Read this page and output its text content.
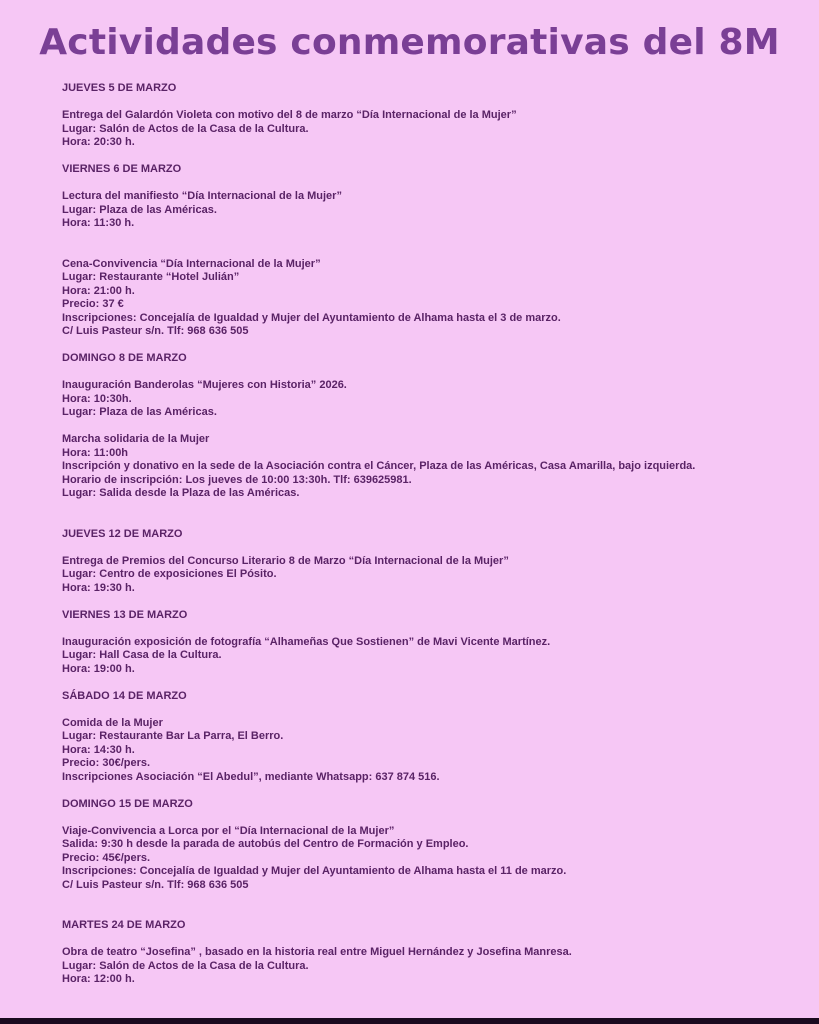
Actividades conmemorativas del 8M
JUEVES 5 DE MARZO
Entrega del Galardón Violeta con motivo del 8 de marzo “Día Internacional de la Mujer”
Lugar: Salón de Actos de la Casa de la Cultura.
Hora: 20:30 h.
VIERNES 6 DE MARZO
Lectura del manifiesto “Día Internacional de la Mujer”
Lugar: Plaza de las Américas.
Hora: 11:30 h.
Cena-Convivencia “Día Internacional de la Mujer”
Lugar: Restaurante “Hotel Julián”
Hora: 21:00 h.
Precio: 37 €
Inscripciones: Concejalía de Igualdad y Mujer del Ayuntamiento de Alhama hasta el 3 de marzo.
C/ Luis Pasteur s/n. Tlf: 968 636 505
DOMINGO 8 DE MARZO
Inauguración Banderolas “Mujeres con Historia” 2026.
Hora: 10:30h.
Lugar: Plaza de las Américas.
Marcha solidaria de la Mujer
Hora: 11:00h
Inscripción y donativo en la sede de la Asociación contra el Cáncer, Plaza de las Américas, Casa Amarilla, bajo izquierda.
Horario de inscripción: Los jueves de 10:00 13:30h. Tlf: 639625981.
Lugar: Salida desde la Plaza de las Américas.
JUEVES 12 DE MARZO
Entrega de Premios del Concurso Literario 8 de Marzo “Día Internacional de la Mujer”
Lugar: Centro de exposiciones El Pósito.
Hora: 19:30 h.
VIERNES 13 DE MARZO
Inauguración exposición de fotografía “Alhameñas Que Sostienen” de Mavi Vicente Martínez.
Lugar: Hall Casa de la Cultura.
Hora: 19:00 h.
SÁBADO 14 DE MARZO
Comida de la Mujer
Lugar: Restaurante Bar La Parra, El Berro.
Hora: 14:30 h.
Precio: 30€/pers.
Inscripciones Asociación “El Abedul”, mediante Whatsapp: 637 874 516.
DOMINGO 15 DE MARZO
Viaje-Convivencia a Lorca por el “Día Internacional de la Mujer”
Salida: 9:30 h desde la parada de autobús del Centro de Formación y Empleo.
Precio: 45€/pers.
Inscripciones: Concejalía de Igualdad y Mujer del Ayuntamiento de Alhama hasta el 11 de marzo.
C/ Luis Pasteur s/n. Tlf: 968 636 505
MARTES 24 DE MARZO
Obra de teatro “Josefina” , basado en la historia real entre Miguel Hernández y Josefina Manresa.
Lugar: Salón de Actos de la Casa de la Cultura.
Hora: 12:00 h.
